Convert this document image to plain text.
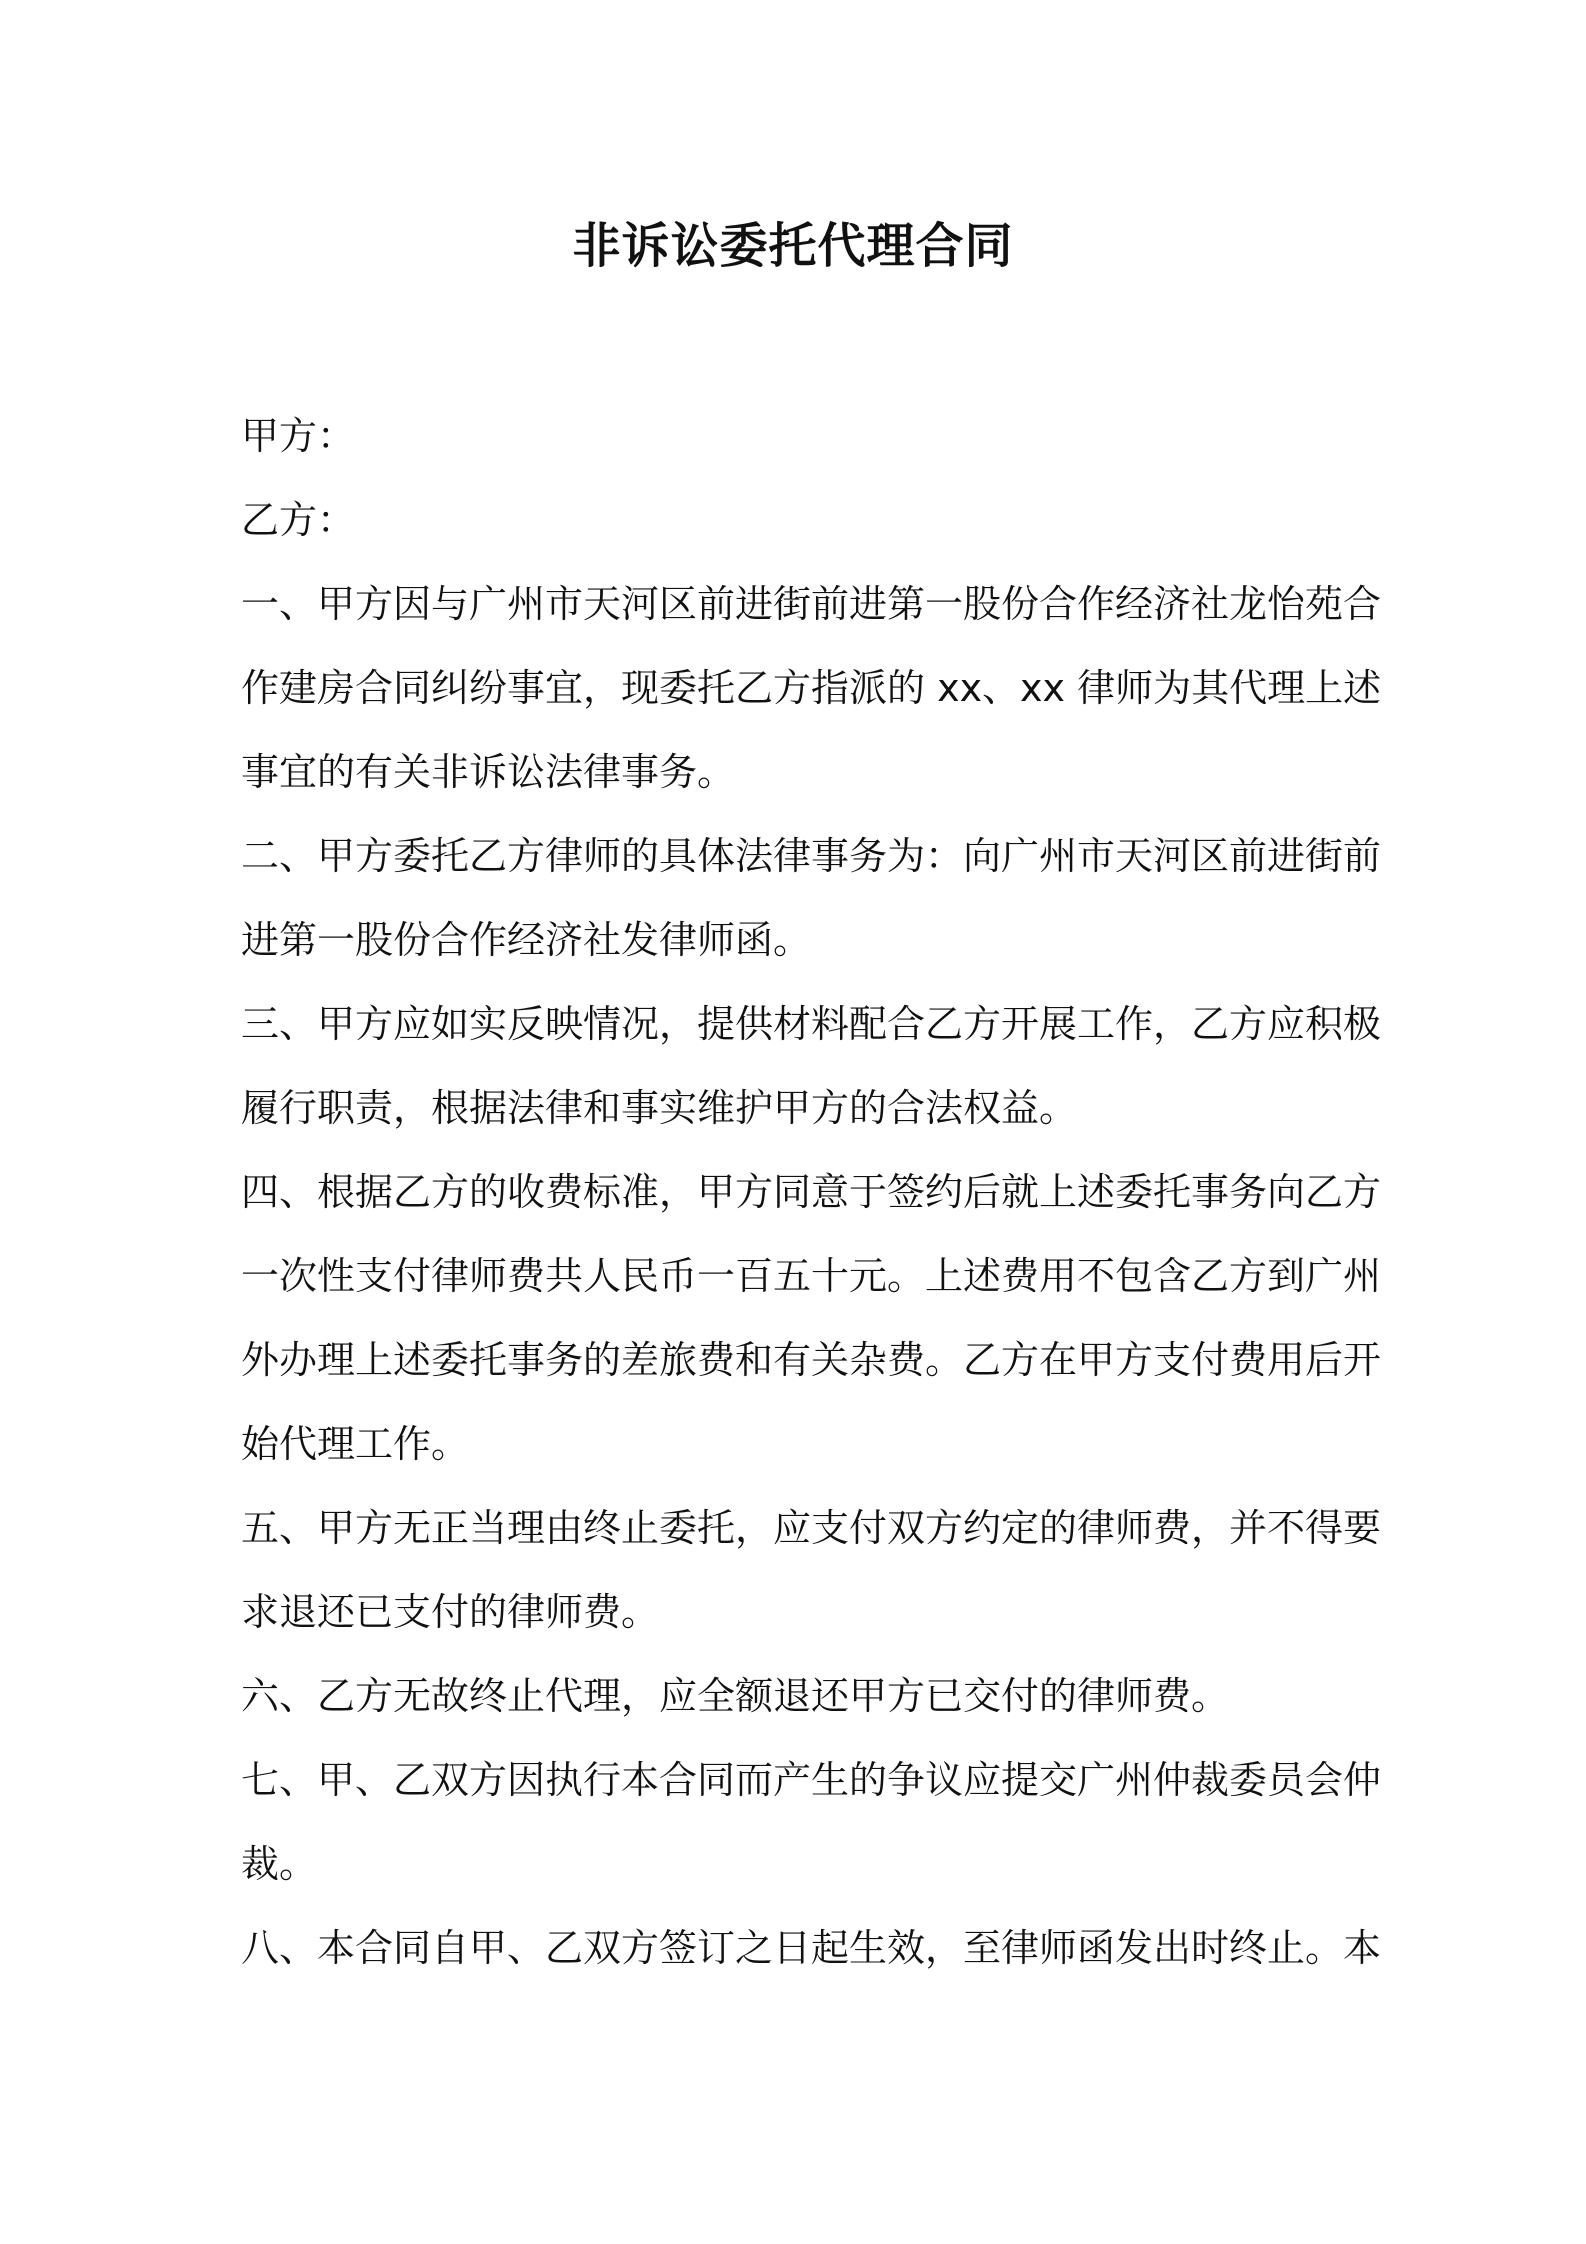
非诉讼委托代理合同

甲方：

乙方：

一、甲方因与广州市天河区前进街前进第一股份合作经济社龙怡苑合

作建房合同纠纷事宜，现委托乙方指派的 xx、xx 律师为其代理上述

事宜的有关非诉讼法律事务。

二、甲方委托乙方律师的具体法律事务为：向广州市天河区前进街前

进第一股份合作经济社发律师函。

三、甲方应如实反映情况，提供材料配合乙方开展工作，乙方应积极

履行职责，根据法律和事实维护甲方的合法权益。

四、根据乙方的收费标准，甲方同意于签约后就上述委托事务向乙方

一次性支付律师费共人民币一百五十元。上述费用不包含乙方到广州

外办理上述委托事务的差旅费和有关杂费。乙方在甲方支付费用后开

始代理工作。

五、甲方无正当理由终止委托，应支付双方约定的律师费，并不得要

求退还已支付的律师费。

六、乙方无故终止代理，应全额退还甲方已交付的律师费。

七、甲、乙双方因执行本合同而产生的争议应提交广州仲裁委员会仲

裁。

八、本合同自甲、乙双方签订之日起生效，至律师函发出时终止。本
